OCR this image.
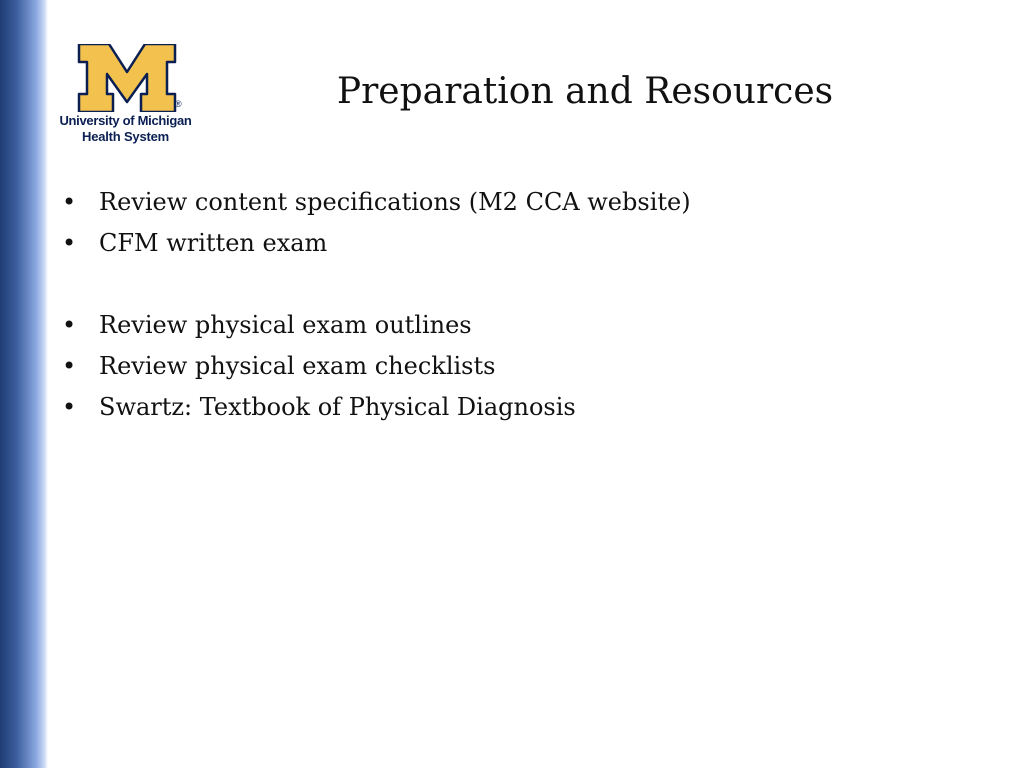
®
University of Michigan
Health System
Preparation and Resources
• Review content specifications (M2 CCA website)
• CFM written exam
• Review physical exam outlines
• Review physical exam checklists
• Swartz: Textbook of Physical Diagnosis
